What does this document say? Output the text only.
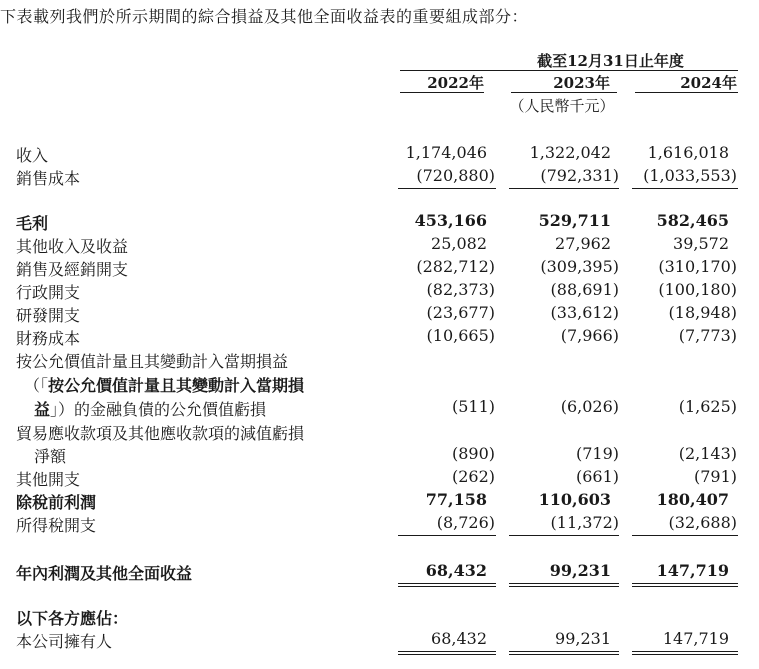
下表載列我們於所示期間的綜合損益及其他全面收益表的重要組成部分：
截至12月31日止年度
2022年	2023年	2024年
（人民幣千元）
收入	1,174,046	1,322,042	1,616,018
銷售成本	(720,880)	(792,331) (1,033,553)
毛利	453,166	529,711	582,465
其他收入及收益	25,082	27,962	39,572
銷售及經銷開支	(282,712)	(309,395) (310,170)
行政開支	(82,373)	(88,691) (100,180)
研發開支	(23,677)	(33,612)	(18,948)
財務成本	(10,665)	(7,966)	(7,773)
按公允價值計量且其變動計入當期損益
（「按公允價值計量且其變動計入當期損
益」）的金融負債的公允價值虧損	(511)	(6,026)	(1,625)
貿易應收款項及其他應收款項的減值虧損
淨額	(890)	(719)	(2,143)
其他開支	(262)	(661)	(791)
除稅前利潤	77,158	110,603	180,407
所得稅開支	(8,726)	(11,372)	(32,688)
年內利潤及其他全面收益	68,432	99,231	147,719
以下各方應佔：
本公司擁有人	68,432	99,231	147,719
